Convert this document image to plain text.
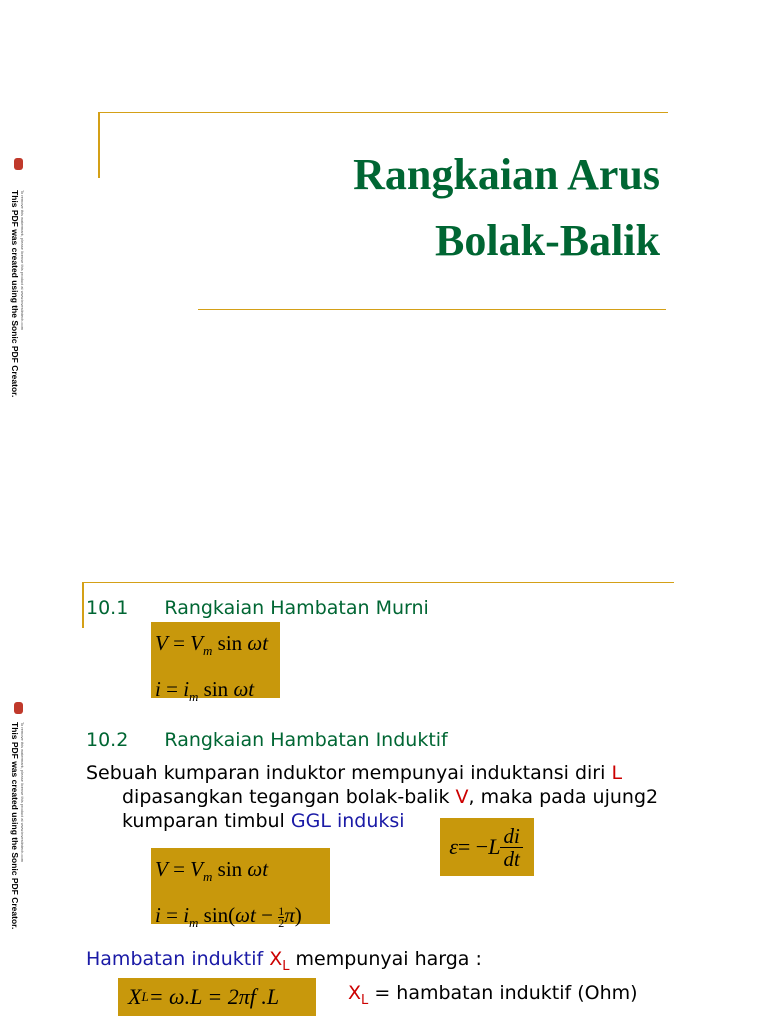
Rangkaian Arus
Bolak-Balik
This PDF was created using the Sonic PDF Creator. To remove this watermark, please license this product at www.investintech.com
This PDF was created using the Sonic PDF Creator. To remove this watermark, please license this product at www.investintech.com
10.1 Rangkaian Hambatan Murni
$V = V_m$ sin ωt
$i = i_m$ sin ωt
10.2 Rangkaian Hambatan Induktif
Sebuah kumparan induktor mempunyai induktansi diri L
dipasangkan tegangan bolak-balik V, maka pada ujung2
kumparan timbul GGL induksi
ε = − L $\frac{di}{dt}$
$V = V_m$ sin ωt
$i = i_m$ $\sin(\omega t - \frac{1}{2} \pi)$
Hambatan induktif $X_L$ mempunyai harga :
X L = ω.L = 2πf .L	$X_L$ = hambatan induktif (Ohm)
